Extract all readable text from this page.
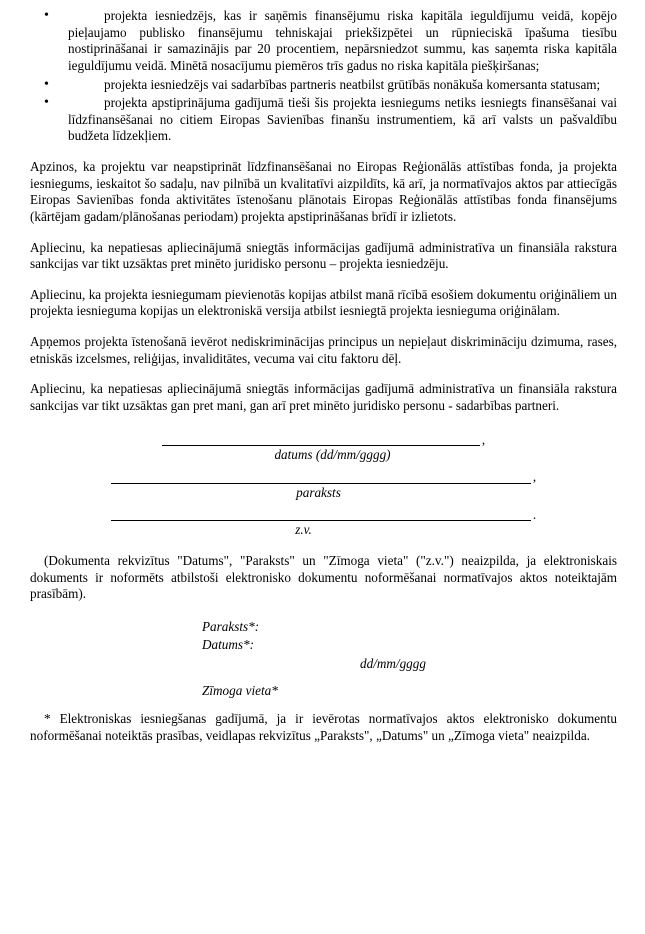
•	projekta iesniedzējs, kas ir saņēmis finansējumu riska kapitāla ieguldījumu veidā, kopējo pieļaujamo publisko finansējumu tehniskajai priekšizpētei un rūpnieciskā īpašuma tiesību nostiprināšanai ir samazinājis par 20 procentiem, nepārsniedzot summu, kas saņemta riska kapitāla ieguldījumu veidā. Minētā nosacījumu piemēros trīs gadus no riska kapitāla piešķiršanas;
•	projekta iesniedzējs vai sadarbības partneris neatbilst grūtībās nonākuša komersanta statusam;
•	projekta apstiprinājuma gadījumā tieši šis projekta iesniegums netiks iesniegts finansēšanai vai līdzfinansēšanai no citiem Eiropas Savienības finanšu instrumentiem, kā arī valsts un pašvaldību budžeta līdzekļiem.

Apzinos, ka projektu var neapstiprināt līdzfinansēšanai no Eiropas Reģionālās attīstības fonda, ja projekta iesniegums, ieskaitot šo sadaļu, nav pilnībā un kvalitatīvi aizpildīts, kā arī, ja normatīvajos aktos par attiecīgās Eiropas Savienības fonda aktivitātes īstenošanu plānotais Eiropas Reģionālās attīstības fonda finansējums (kārtējam gadam/plānošanas periodam) projekta apstiprināšanas brīdī ir izlietots.

Apliecinu, ka nepatiesas apliecinājumā sniegtās informācijas gadījumā administratīva un finansiāla rakstura sankcijas var tikt uzsāktas pret minēto juridisko personu – projekta iesniedzēju.

Apliecinu, ka projekta iesniegumam pievienotās kopijas atbilst manā rīcībā esošiem dokumentu oriģināliem un projekta iesnieguma kopijas un elektroniskā versija atbilst iesniegtā projekta iesnieguma oriģinālam.

Apņemos projekta īstenošanā ievērot nediskriminācijas principus un nepieļaut diskrimināciju dzimuma, rases, etniskās izcelsmes, reliģijas, invaliditātes, vecuma vai citu faktoru dēļ.

Apliecinu, ka nepatiesas apliecinājumā sniegtās informācijas gadījumā administratīva un finansiāla rakstura sankcijas var tikt uzsāktas gan pret mani, gan arī pret minēto juridisko personu - sadarbības partneri.

,
datums (dd/mm/gggg)
,
paraksts
.
z.v.

(Dokumenta rekvizītus "Datums", "Paraksts" un "Zīmoga vieta" ("z.v.") neaizpilda, ja elektroniskais dokuments ir noformēts atbilstoši elektronisko dokumentu noformēšanai normatīvajos aktos noteiktajām prasībām).

Paraksts*:
Datums*:
dd/mm/gggg
Zīmoga vieta*

* Elektroniskas iesniegšanas gadījumā, ja ir ievērotas normatīvajos aktos elektronisko dokumentu noformēšanai noteiktās prasības, veidlapas rekvizītus „Paraksts", „Datums" un „Zīmoga vieta" neaizpilda.
